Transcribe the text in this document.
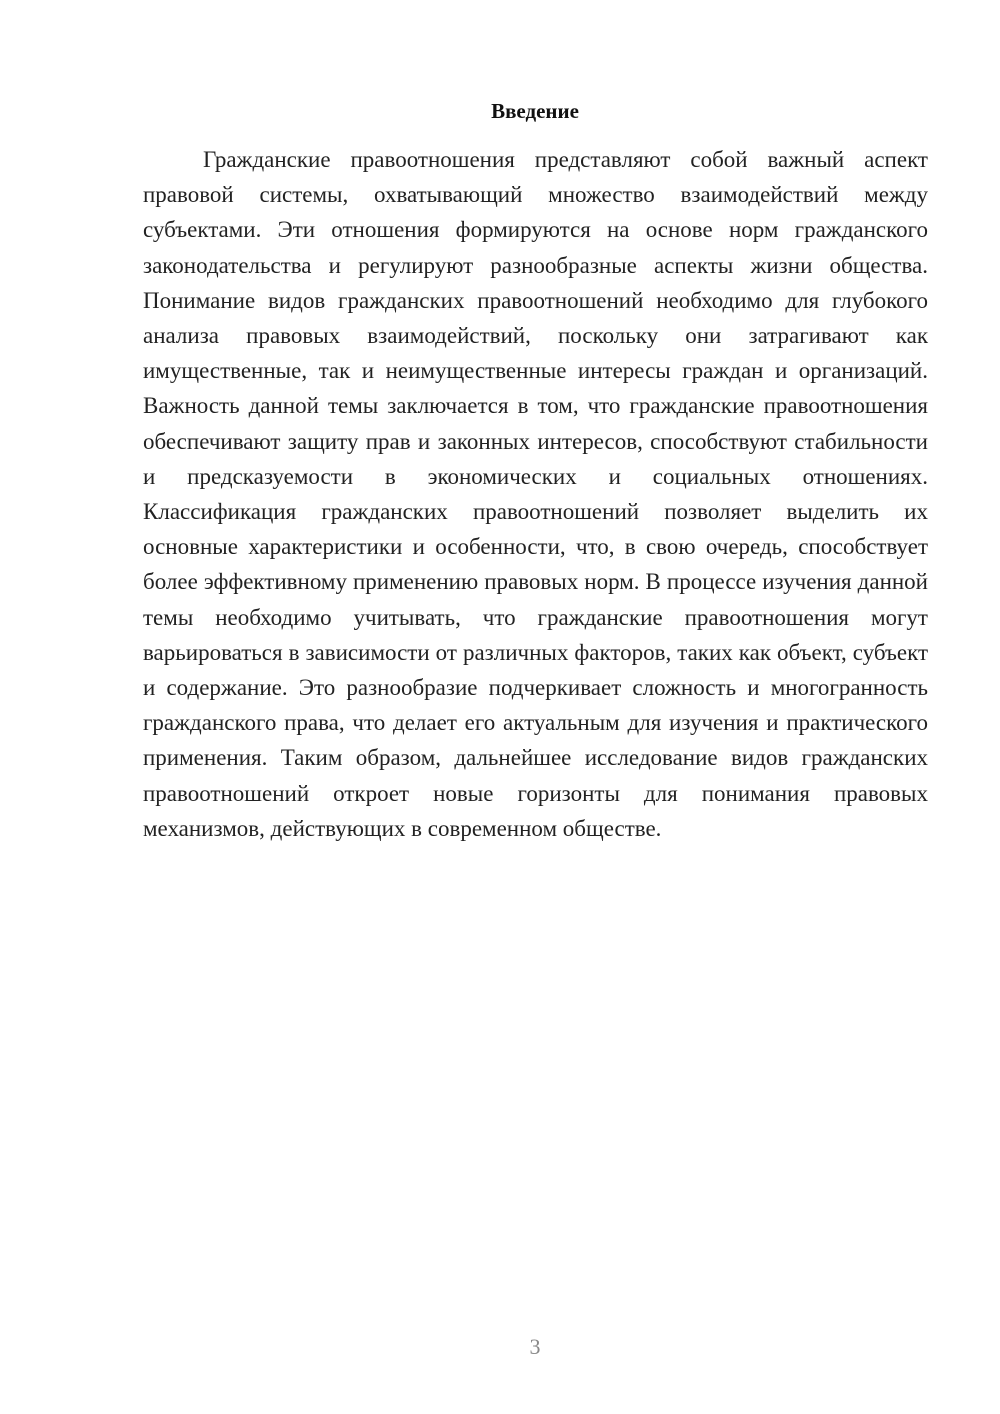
Введение

Гражданские правоотношения представляют собой важный аспект правовой системы, охватывающий множество взаимодействий между субъектами. Эти отношения формируются на основе норм гражданского законодательства и регулируют разнообразные аспекты жизни общества. Понимание видов гражданских правоотношений необходимо для глубокого анализа правовых взаимодействий, поскольку они затрагивают как имущественные, так и неимущественные интересы граждан и организаций. Важность данной темы заключается в том, что гражданские правоотношения обеспечивают защиту прав и законных интересов, способствуют стабильности и предсказуемости в экономических и социальных отношениях. Классификация гражданских правоотношений позволяет выделить их основные характеристики и особенности, что, в свою очередь, способствует более эффективному применению правовых норм. В процессе изучения данной темы необходимо учитывать, что гражданские правоотношения могут варьироваться в зависимости от различных факторов, таких как объект, субъект и содержание. Это разнообразие подчеркивает сложность и многогранность гражданского права, что делает его актуальным для изучения и практического применения. Таким образом, дальнейшее исследование видов гражданских правоотношений откроет новые горизонты для понимания правовых механизмов, действующих в современном обществе.

3
